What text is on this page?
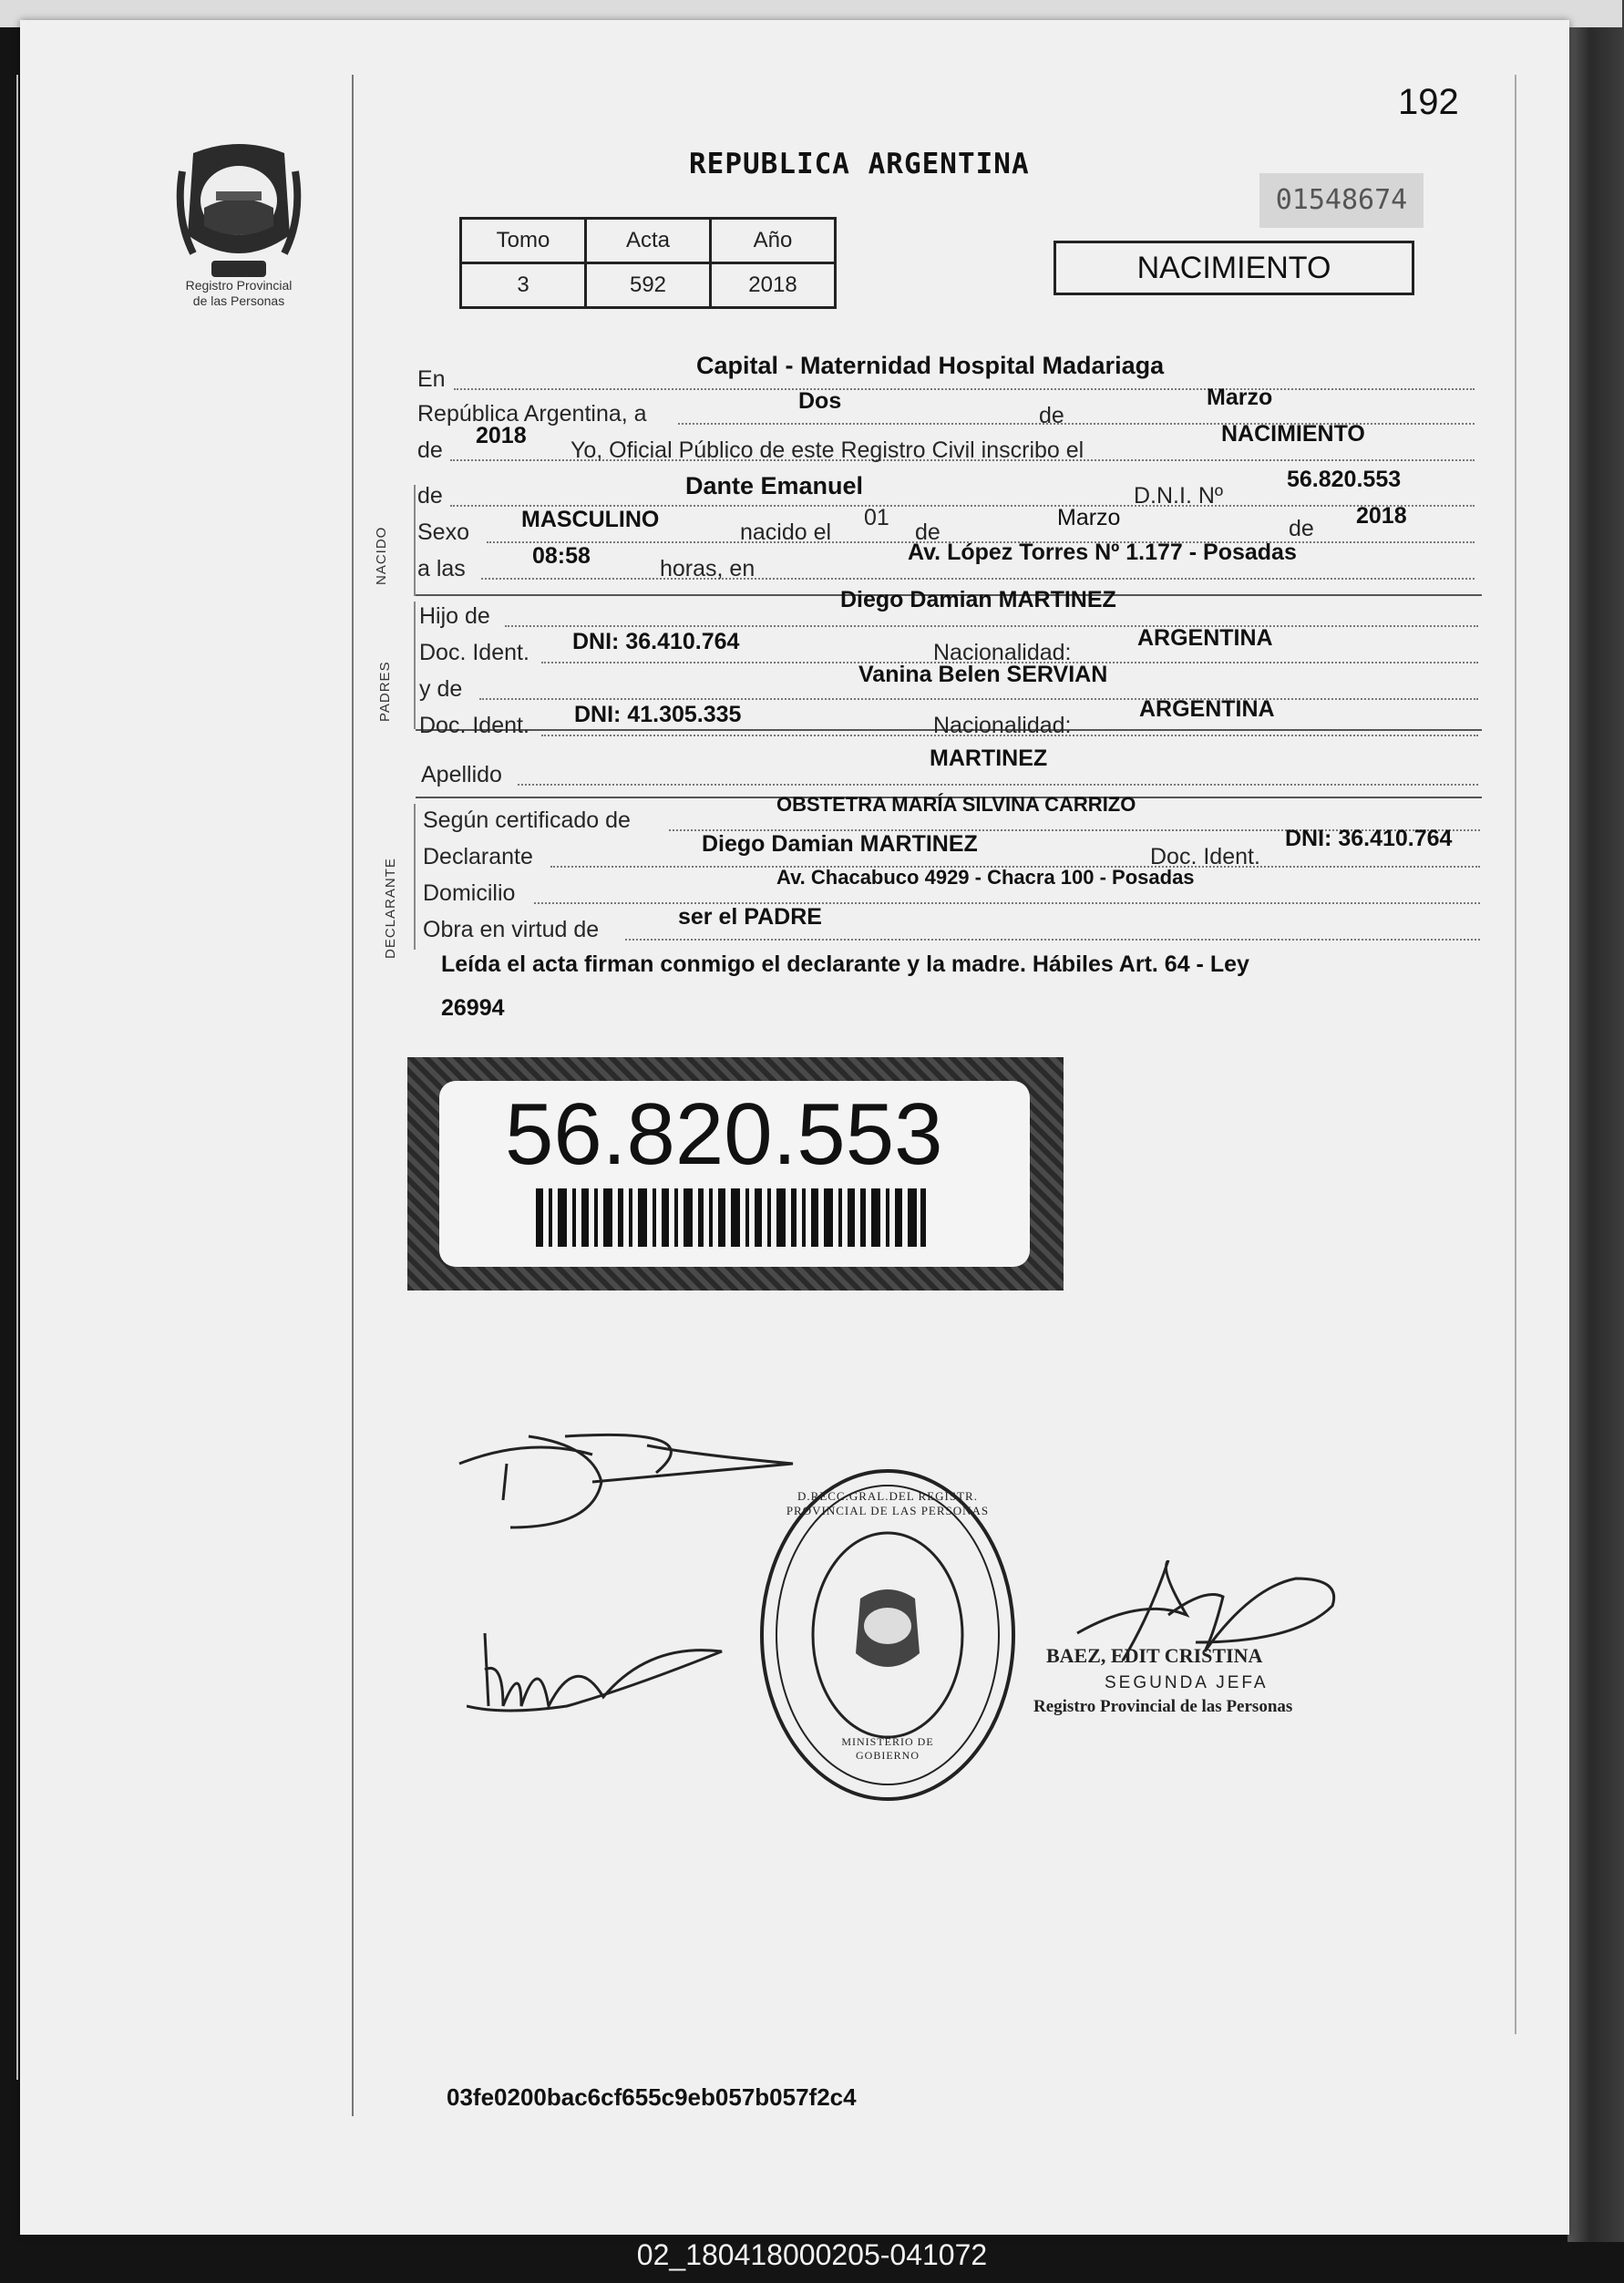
192
Registro Provincial
de las Personas
REPUBLICA ARGENTINA
01548674
Tomo	Acta	Año
3	592	2018	NACIMIENTO
NACIDO
PADRES
DECLARANTE
En	Capital - Maternidad Hospital Madariaga
República Argentina, a	Dos
de
Marzo
de
2018
Yo, Oficial Público de este Registro Civil inscribo el
NACIMIENTO
de	Dante Emanuel	D.N.I. Nº
56.820.553
Sexo MASCULINO	nacido el
01
de
Marzo	de 2018
a las	08:58	horas, en
Av. López Torres Nº 1.177 - Posadas
Hijo de
Diego Damian MARTINEZ
Doc. Ident. DNI: 36.410.764	Nacionalidad:
ARGENTINA
y de
Vanina Belen SERVIAN
Doc. Ident. DNI: 41.305.335	Nacionalidad:
ARGENTINA
Apellido
MARTINEZ
Según certificado de
OBSTETRA MARÍA SILVINA CARRIZO
Declarante	Diego Damian MARTINEZ	Doc. Ident.
DNI: 36.410.764
Domicilio
Av. Chacabuco 4929 - Chacra 100 - Posadas
Obra en virtud de	ser el PADRE
Leída el acta firman conmigo el declarante y la madre. Hábiles Art. 64 - Ley
26994
56.820.553
D.RECC.GRAL.DEL REGISTR. PROVINCIAL DE LAS PERSONAS
MINISTERIO DE GOBIERNO
BAEZ, EDIT CRISTINA
SEGUNDA JEFA
Registro Provincial de las Personas
03fe0200bac6cf655c9eb057b057f2c4
02_180418000205-041072
